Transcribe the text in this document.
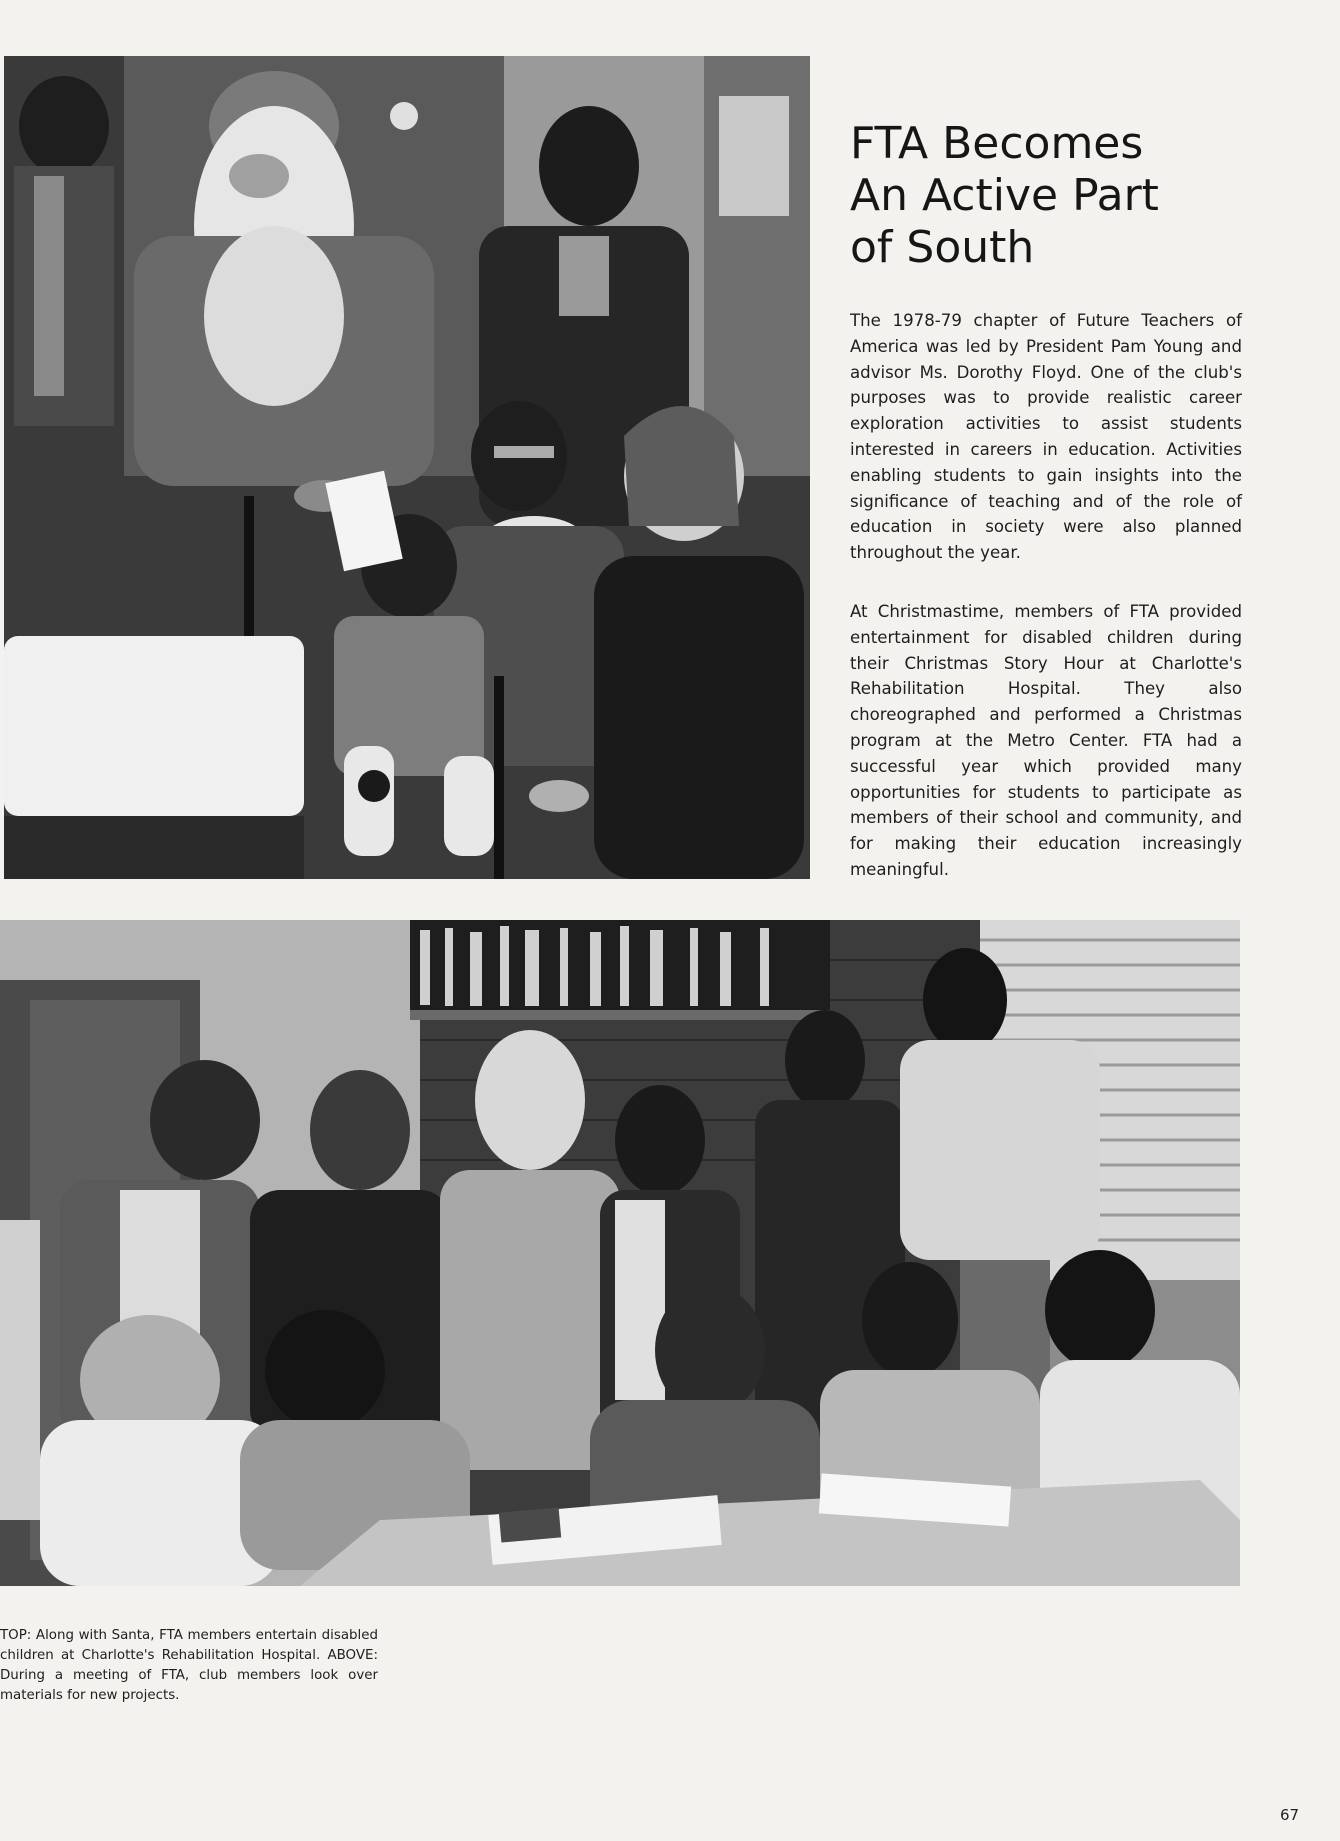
FTA Becomes
An Active Part
of South

The 1978-79 chapter of Future Teachers of America was led by President Pam Young and advisor Ms. Dorothy Floyd. One of the club's purposes was to provide realistic career exploration activities to assist students interested in careers in education. Activities enabling students to gain insights into the significance of teaching and of the role of education in society were also planned throughout the year.

At Christmastime, members of FTA provided entertainment for disabled children during their Christmas Story Hour at Charlotte's Rehabilitation Hospital. They also choreographed and performed a Christmas program at the Metro Center. FTA had a successful year which provided many opportunities for students to participate as members of their school and community, and for making their education increasingly meaningful.

TOP: Along with Santa, FTA members entertain disabled children at Charlotte's Rehabilitation Hospital. ABOVE: During a meeting of FTA, club members look over materials for new projects.

67
